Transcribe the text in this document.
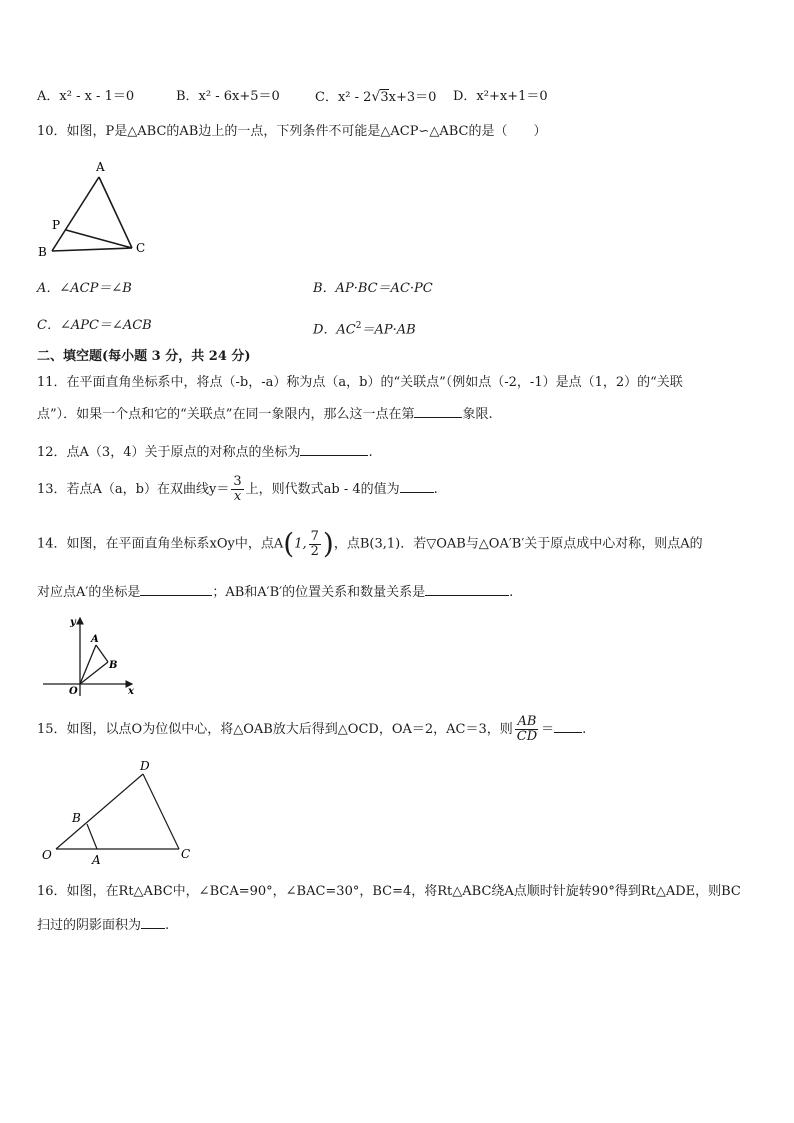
A．x² - x - 1＝0	B．x² - 6x+5＝0	C．x² - 2√3x+3＝0 D．x²+x+1＝0
10．如图，P是△ABC的AB边上的一点，下列条件不可能是△ACP∽△ABC的是（　　）
A
B	C
P
A．∠ACP＝∠B	B．AP·BC＝AC·PC
C．∠APC＝∠ACB	D．$AC^2=AP\cdot AB$
二、填空题(每小题 3 分，共 24 分)
11．在平面直角坐标系中，将点（-b，-a）称为点（a，b）的“关联点”（例如点（-2，-1）是点（1，2）的“关联
点”）．如果一个点和它的“关联点”在同一象限内，那么这一点在第	象限.
12．点A（3，4）关于原点的对称点的坐标为	.
13．若点A（a，b）在双曲线$y= \frac{3}{x}$ 上，则代数式ab - 4的值为	.
14．如图，在平面直角坐标系xOy中，点A(1, $\frac{7}{2}$ )，点B(3,1)．若▽OAB与△OA′B′关于原点成中心对称，则点A的
对应点A′的坐标是	；AB和A′B′的位置关系和数量关系是	.
y
x
O
A
B
15．如图，以点O为位似中心，将△OAB放大后得到△OCD，OA＝2，AC＝3，则 $\frac{AB}{CD}$ ＝ .
O	A
B
C
D
16．如图，在Rt△ABC中，∠BCA=90°，∠BAC=30°，BC=4，将Rt△ABC绕A点顺时针旋转90°得到Rt△ADE，则BC
扫过的阴影面积为 .
